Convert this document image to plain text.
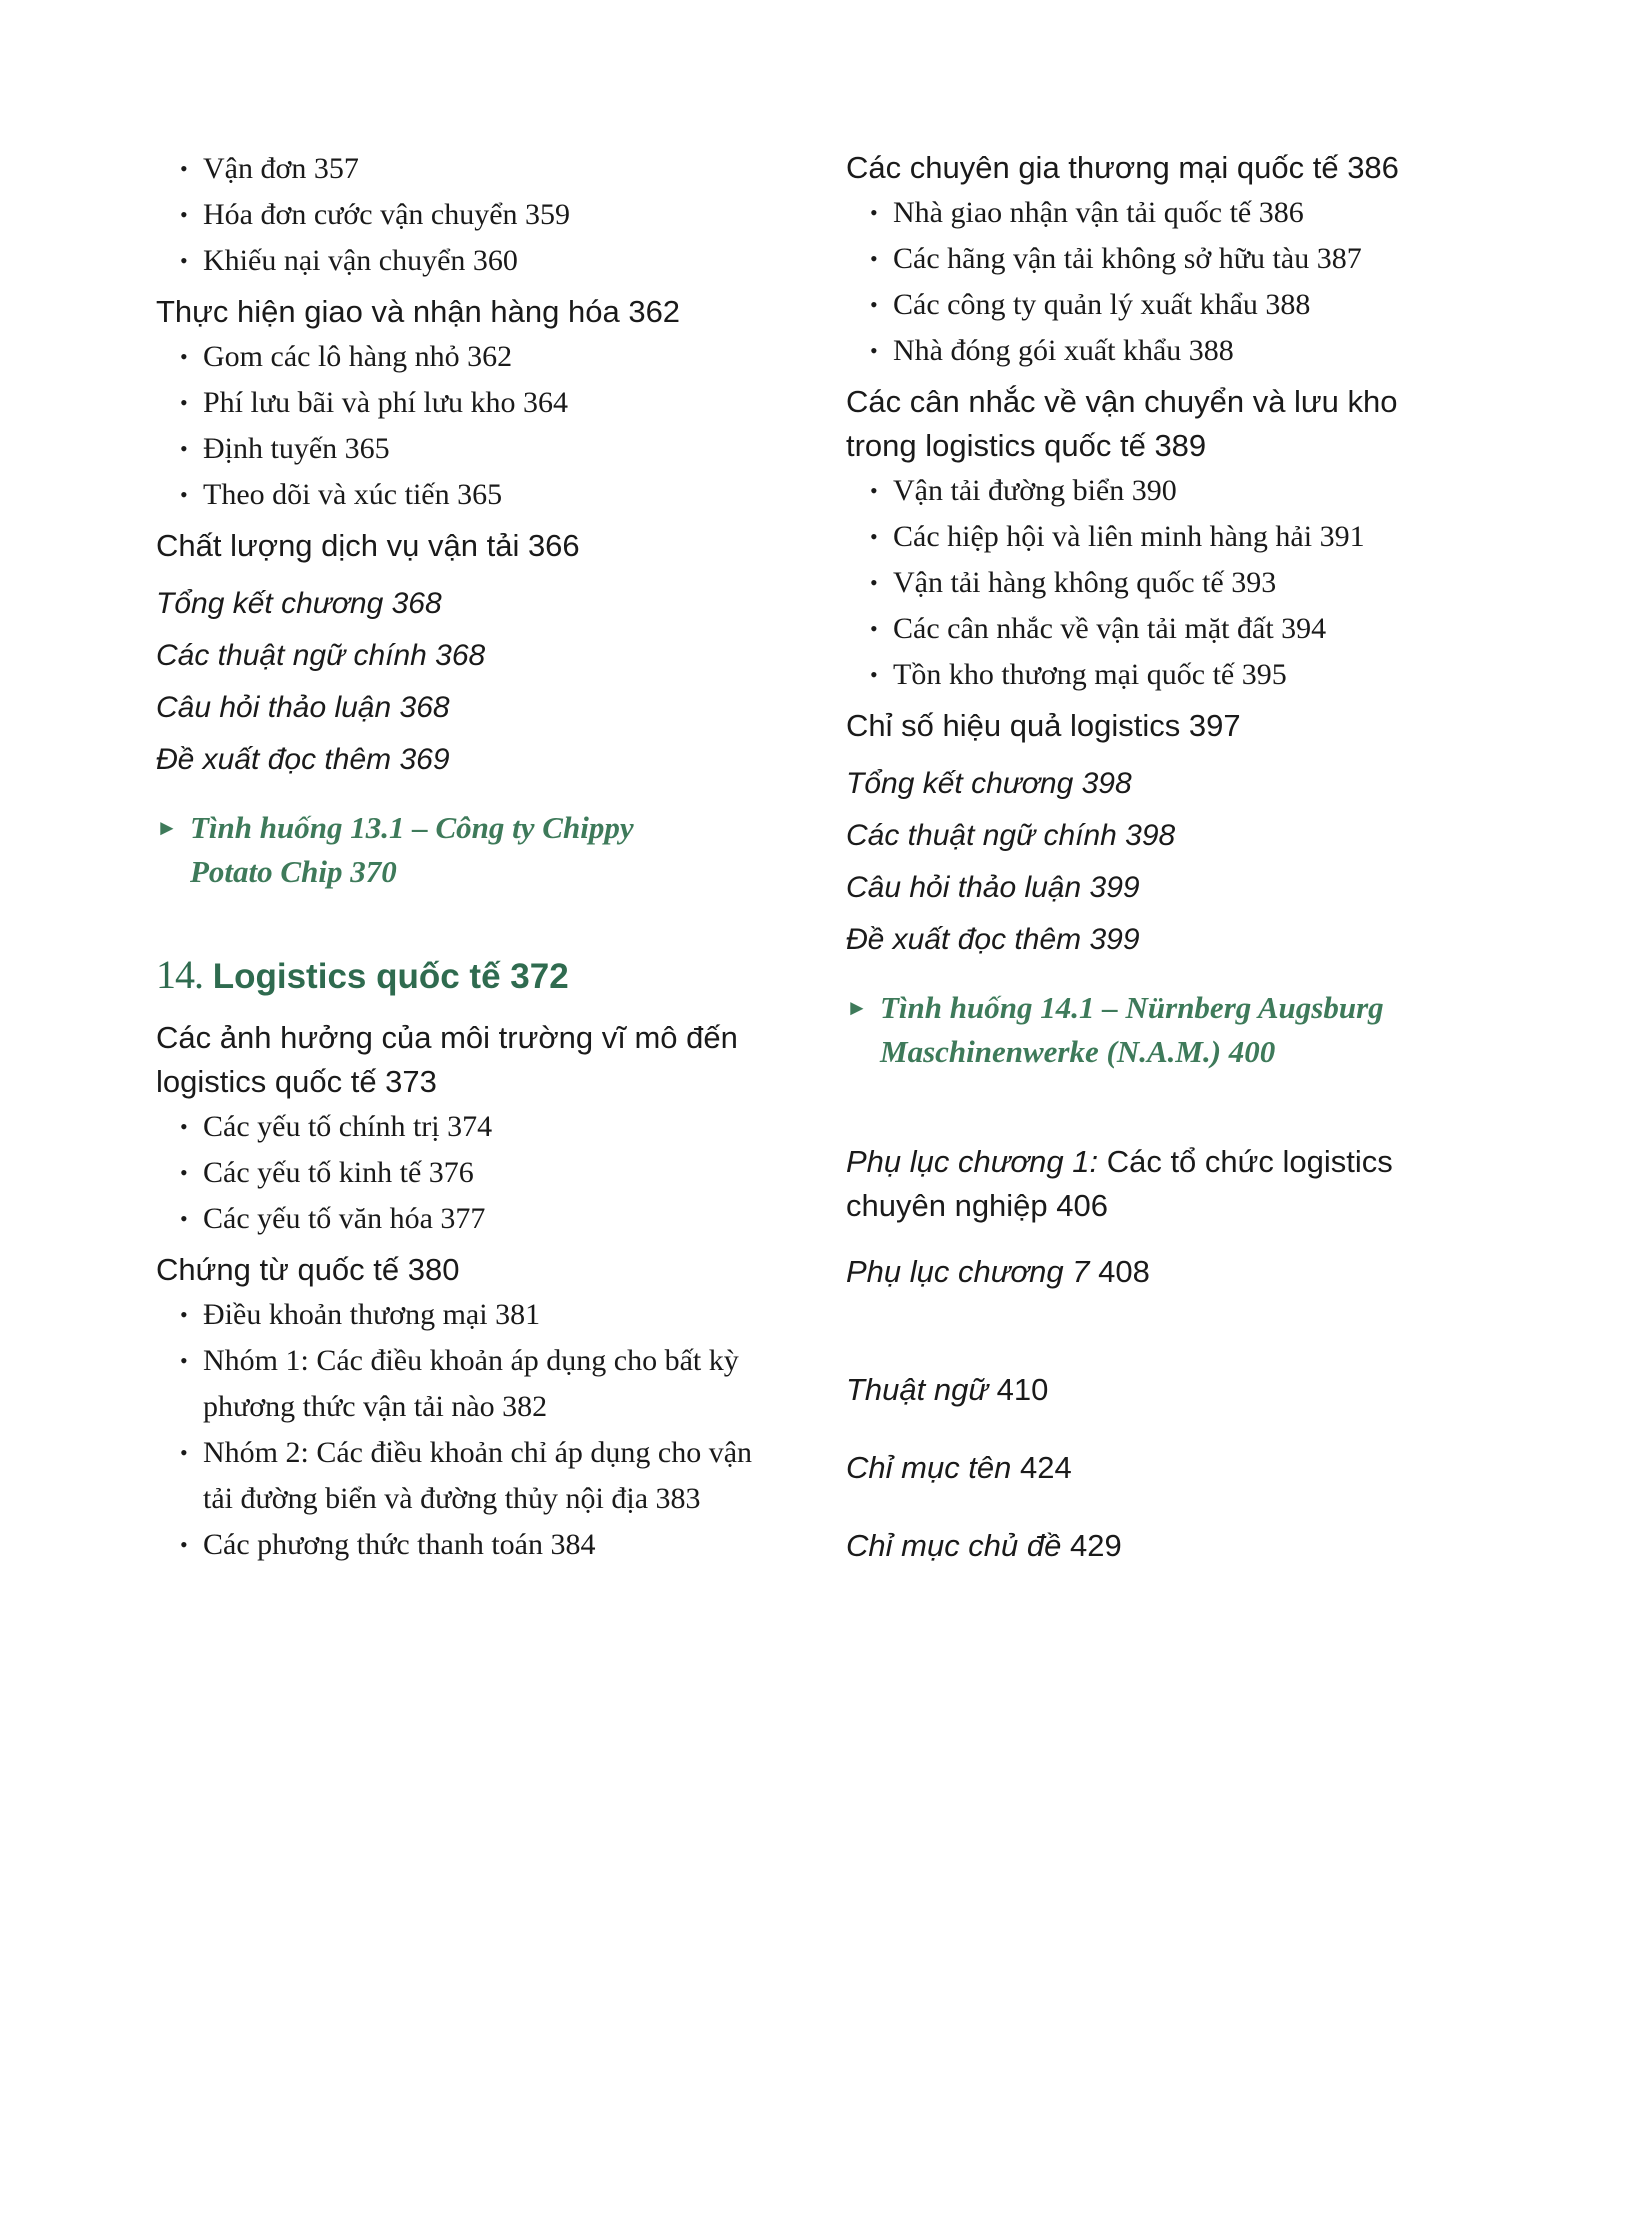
• Vận đơn 357
• Hóa đơn cước vận chuyển 359
• Khiếu nại vận chuyển 360
Thực hiện giao và nhận hàng hóa 362
• Gom các lô hàng nhỏ 362
• Phí lưu bãi và phí lưu kho 364
• Định tuyến 365
• Theo dõi và xúc tiến 365
Chất lượng dịch vụ vận tải 366
Tổng kết chương 368
Các thuật ngữ chính 368
Câu hỏi thảo luận 368
Đề xuất đọc thêm 369
► Tình huống 13.1 – Công ty Chippy
Potato Chip 370
14. Logistics quốc tế 372
Các ảnh hưởng của môi trường vĩ mô đến
logistics quốc tế 373
• Các yếu tố chính trị 374
• Các yếu tố kinh tế 376
• Các yếu tố văn hóa 377
Chứng từ quốc tế 380
• Điều khoản thương mại 381
• Nhóm 1: Các điều khoản áp dụng cho bất kỳ
phương thức vận tải nào 382
• Nhóm 2: Các điều khoản chỉ áp dụng cho vận
tải đường biển và đường thủy nội địa 383
• Các phương thức thanh toán 384
Các chuyên gia thương mại quốc tế 386
• Nhà giao nhận vận tải quốc tế 386
• Các hãng vận tải không sở hữu tàu 387
• Các công ty quản lý xuất khẩu 388
• Nhà đóng gói xuất khẩu 388
Các cân nhắc về vận chuyển và lưu kho
trong logistics quốc tế 389
• Vận tải đường biển 390
• Các hiệp hội và liên minh hàng hải 391
• Vận tải hàng không quốc tế 393
• Các cân nhắc về vận tải mặt đất 394
• Tồn kho thương mại quốc tế 395
Chỉ số hiệu quả logistics 397
Tổng kết chương 398
Các thuật ngữ chính 398
Câu hỏi thảo luận 399
Đề xuất đọc thêm 399
► Tình huống 14.1 – Nürnberg Augsburg
Maschinenwerke (N.A.M.) 400
Phụ lục chương 1: Các tổ chức logistics
chuyên nghiệp 406
Phụ lục chương 7 408
Thuật ngữ 410
Chỉ mục tên 424
Chỉ mục chủ đề 429
